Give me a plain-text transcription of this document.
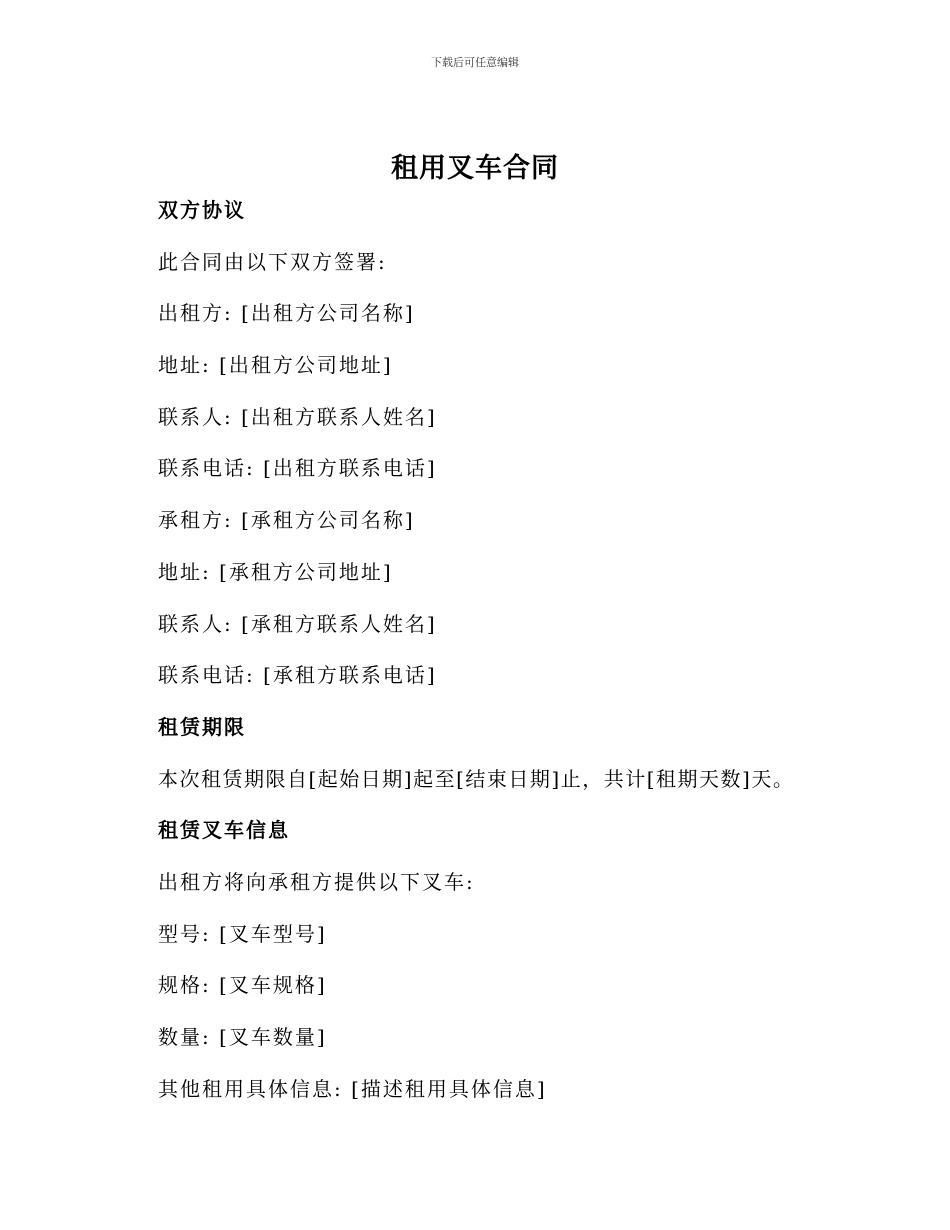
下载后可任意编辑
租用叉车合同
双方协议
此合同由以下双方签署:
出租方: [出租方公司名称]
地址: [出租方公司地址]
联系人: [出租方联系人姓名]
联系电话: [出租方联系电话]
承租方: [承租方公司名称]
地址: [承租方公司地址]
联系人: [承租方联系人姓名]
联系电话: [承租方联系电话]
租赁期限
本次租赁期限自[起始日期]起至[结束日期]止，共计[租期天数]天。
租赁叉车信息
出租方将向承租方提供以下叉车:
型号: [叉车型号]
规格: [叉车规格]
数量: [叉车数量]
其他租用具体信息: [描述租用具体信息]
